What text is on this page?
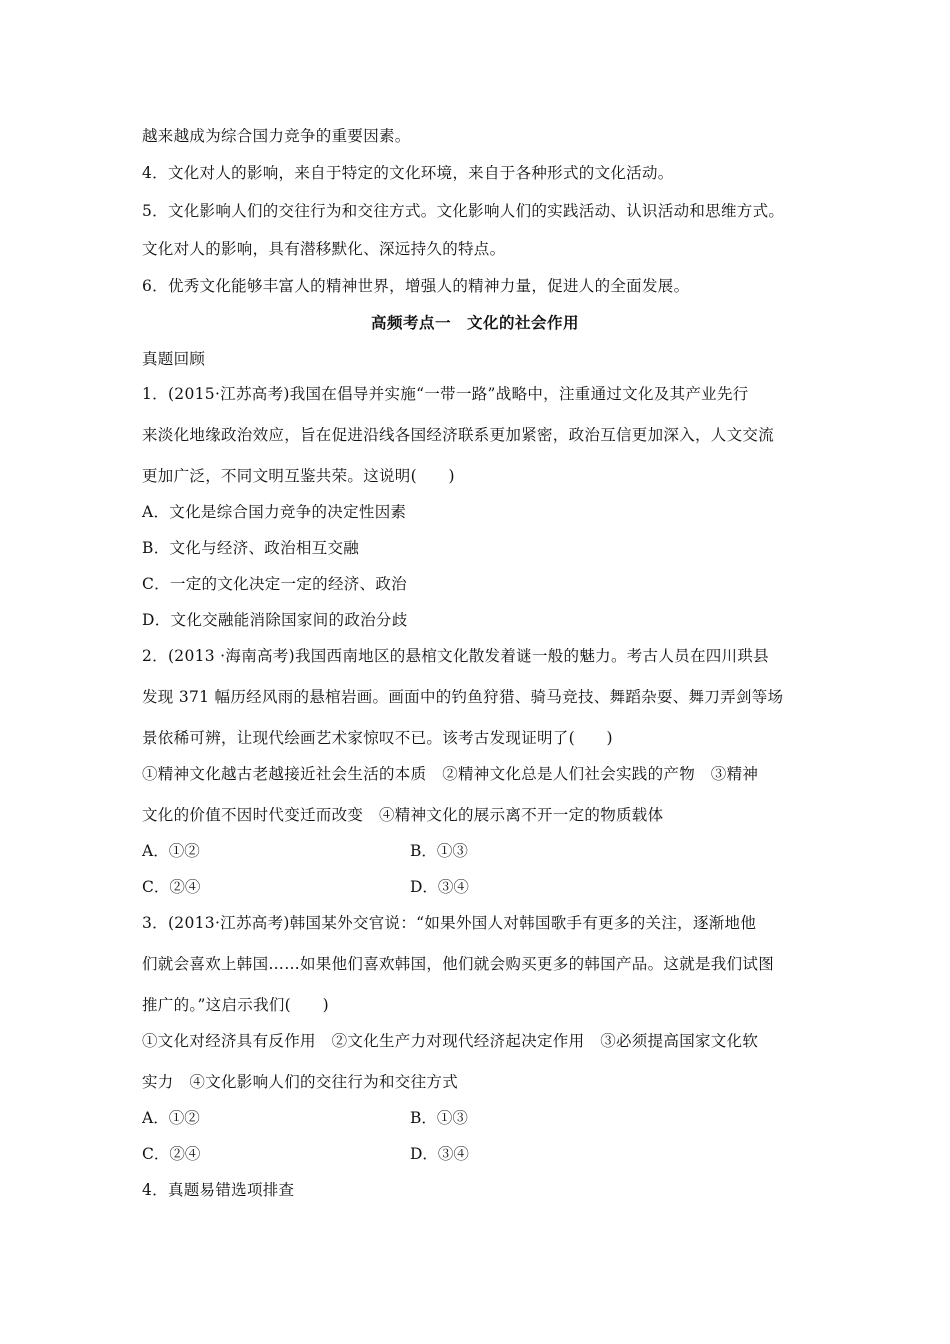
越来越成为综合国力竞争的重要因素。
4．文化对人的影响，来自于特定的文化环境，来自于各种形式的文化活动。
5．文化影响人们的交往行为和交往方式。文化影响人们的实践活动、认识活动和思维方式。
文化对人的影响，具有潜移默化、深远持久的特点。
6．优秀文化能够丰富人的精神世界，增强人的精神力量，促进人的全面发展。
高频考点一　文化的社会作用
真题回顾
1．(2015·江苏高考)我国在倡导并实施“一带一路”战略中，注重通过文化及其产业先行
来淡化地缘政治效应，旨在促进沿线各国经济联系更加紧密，政治互信更加深入，人文交流
更加广泛，不同文明互鉴共荣。这说明(　　)
A．文化是综合国力竞争的决定性因素
B．文化与经济、政治相互交融
C．一定的文化决定一定的经济、政治
D．文化交融能消除国家间的政治分歧
2．(2013 ·海南高考)我国西南地区的悬棺文化散发着谜一般的魅力。考古人员在四川珙县
发现 371 幅历经风雨的悬棺岩画。画面中的钓鱼狩猎、骑马竞技、舞蹈杂耍、舞刀弄剑等场
景依稀可辨，让现代绘画艺术家惊叹不已。该考古发现证明了(　　)
①精神文化越古老越接近社会生活的本质　②精神文化总是人们社会实践的产物　③精神
文化的价值不因时代变迁而改变　④精神文化的展示离不开一定的物质载体
A．①②	B．①③
C．②④	D．③④
3．(2013·江苏高考)韩国某外交官说：“如果外国人对韩国歌手有更多的关注，逐渐地他
们就会喜欢上韩国……如果他们喜欢韩国，他们就会购买更多的韩国产品。这就是我们试图
推广的。”这启示我们(　　)
①文化对经济具有反作用　②文化生产力对现代经济起决定作用　③必须提高国家文化软
实力　④文化影响人们的交往行为和交往方式
A．①②	B．①③
C．②④	D．③④
4．真题易错选项排查
